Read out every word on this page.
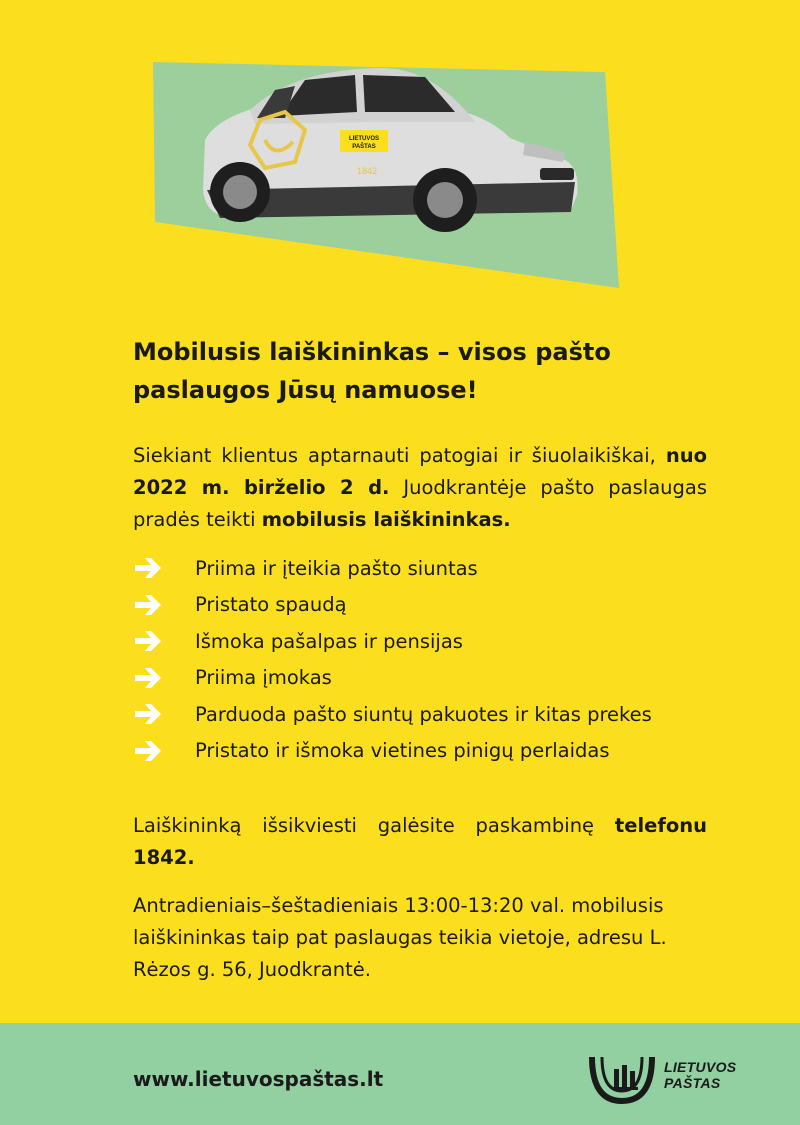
LIETUVOS
PAŠTAS
1842
Mobilusis laiškininkas – visos pašto paslaugos Jūsų namuose!

Siekiant klientus aptarnauti patogiai ir šiuolaikiškai, nuo 2022 m. birželio 2 d. Juodkrantėje pašto paslaugas pradės teikti mobilusis laiškininkas.

Priima ir įteikia pašto siuntas
Pristato spaudą
Išmoka pašalpas ir pensijas
Priima įmokas
Parduoda pašto siuntų pakuotes ir kitas prekes
Pristato ir išmoka vietines pinigų perlaidas

Laiškininką išsikviesti galėsite paskambinę telefonu 1842.

Antradieniais–šeštadieniais 13:00-13:20 val. mobilusis laiškininkas taip pat paslaugas teikia vietoje, adresu L. Rėzos g. 56, Juodkrantė.

www.lietuvospaštas.lt	LIETUVOS
PAŠTAS
